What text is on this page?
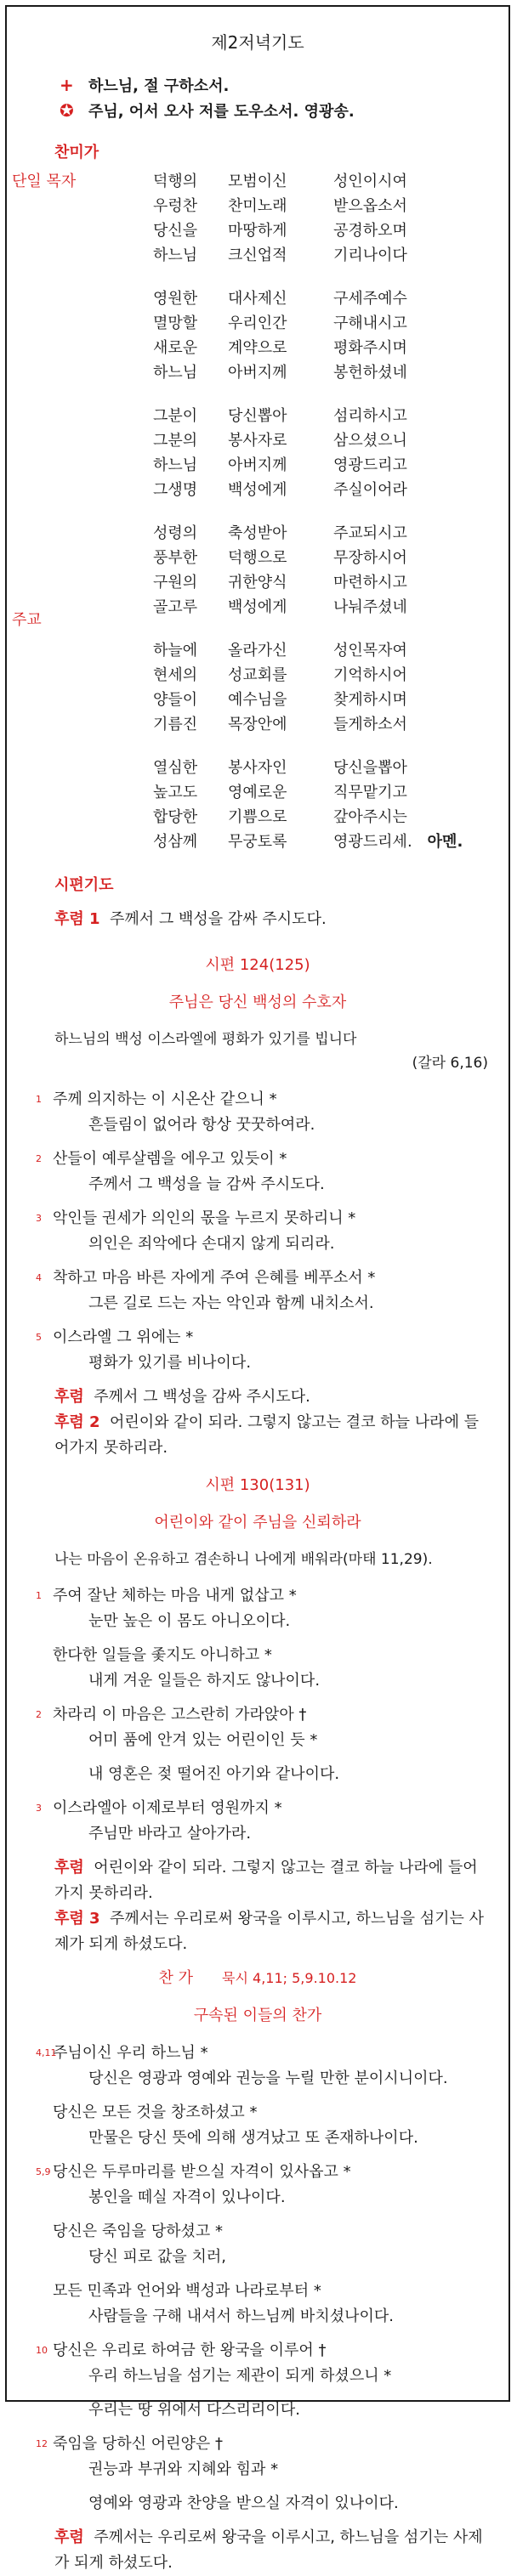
제2저녁기도
+ 하느님, 절 구하소서.
✪ 주님, 어서 오사 저를 도우소서. 영광송.
찬미가
단일 목자
주교
덕행의	모범이신	성인이시여
우렁찬	찬미노래	받으옵소서
당신을	마땅하게	공경하오며
하느님	크신업적	기리나이다
영원한	대사제신	구세주예수
멸망할	우리인간	구해내시고
새로운	계약으로	평화주시며
하느님	아버지께	봉헌하셨네
그분이	당신뽑아	섬리하시고
그분의	봉사자로	삼으셨으니
하느님	아버지께	영광드리고
그생명	백성에게	주실이어라
성령의	축성받아	주교되시고
풍부한	덕행으로	무장하시어
구원의	귀한양식	마련하시고
골고루	백성에게	나눠주셨네
하늘에	올라가신	성인목자여
현세의	성교회를	기억하시어
양들이	예수님을	찾게하시며
기름진	목장안에	들게하소서
열심한	봉사자인	당신을뽑아
높고도	영예로운	직무맡기고
합당한	기쁨으로	갚아주시는
성삼께	무궁토록	영광드리세. 아멘.
시편기도
후렴 1 주께서 그 백성을 감싸 주시도다.
시편 124(125)
주님은 당신 백성의 수호자
하느님의 백성 이스라엘에 평화가 있기를 빕니다
(갈라 6,16)
1 주께 의지하는 이 시온산 같으니 *
흔들림이 없어라 항상 꿋꿋하여라.
2 산들이 예루살렘을 에우고 있듯이 *
주께서 그 백성을 늘 감싸 주시도다.
3 악인들 권세가 의인의 몫을 누르지 못하리니 *
의인은 죄악에다 손대지 않게 되리라.
4 착하고 마음 바른 자에게 주여 은혜를 베푸소서 *
그른 길로 드는 자는 악인과 함께 내치소서.
5 이스라엘 그 위에는 *
평화가 있기를 비나이다.
후렴 주께서 그 백성을 감싸 주시도다.
후렴 2 어린이와 같이 되라. 그렇지 않고는 결코 하늘 나라에 들어가지 못하리라.
시편 130(131)
어린이와 같이 주님을 신뢰하라
나는 마음이 온유하고 겸손하니 나에게 배워라(마태 11,29).
1 주여 잘난 체하는 마음 내게 없삽고 *
눈만 높은 이 몸도 아니오이다.
한다한 일들을 좇지도 아니하고 *
내게 겨운 일들은 하지도 않나이다.
2 차라리 이 마음은 고스란히 가라앉아 †
어미 품에 안겨 있는 어린이인 듯 *
내 영혼은 젖 떨어진 아기와 같나이다.
3 이스라엘아 이제로부터 영원까지 *
주님만 바라고 살아가라.
후렴 어린이와 같이 되라. 그렇지 않고는 결코 하늘 나라에 들어가지 못하리라.
후렴 3 주께서는 우리로써 왕국을 이루시고, 하느님을 섬기는 사제가 되게 하셨도다.
찬 가 묵시 4,11; 5,9.10.12
구속된 이들의 찬가
4,11
주님이신 우리 하느님 *
당신은 영광과 영예와 권능을 누릴 만한 분이시니이다.
당신은 모든 것을 창조하셨고 *
만물은 당신 뜻에 의해 생겨났고 또 존재하나이다.
5,9 당신은 두루마리를 받으실 자격이 있사옵고 *
봉인을 떼실 자격이 있나이다.
당신은 죽임을 당하셨고 *
당신 피로 값을 치러,
모든 민족과 언어와 백성과 나라로부터 *
사람들을 구해 내셔서 하느님께 바치셨나이다.
10 당신은 우리로 하여금 한 왕국을 이루어 †
우리 하느님을 섬기는 제관이 되게 하셨으니 *
우리는 땅 위에서 다스리리이다.
12 죽임을 당하신 어린양은 †
권능과 부귀와 지혜와 힘과 *
영예와 영광과 찬양을 받으실 자격이 있나이다.
후렴 주께서는 우리로써 왕국을 이루시고, 하느님을 섬기는 사제가 되게 하셨도다.
